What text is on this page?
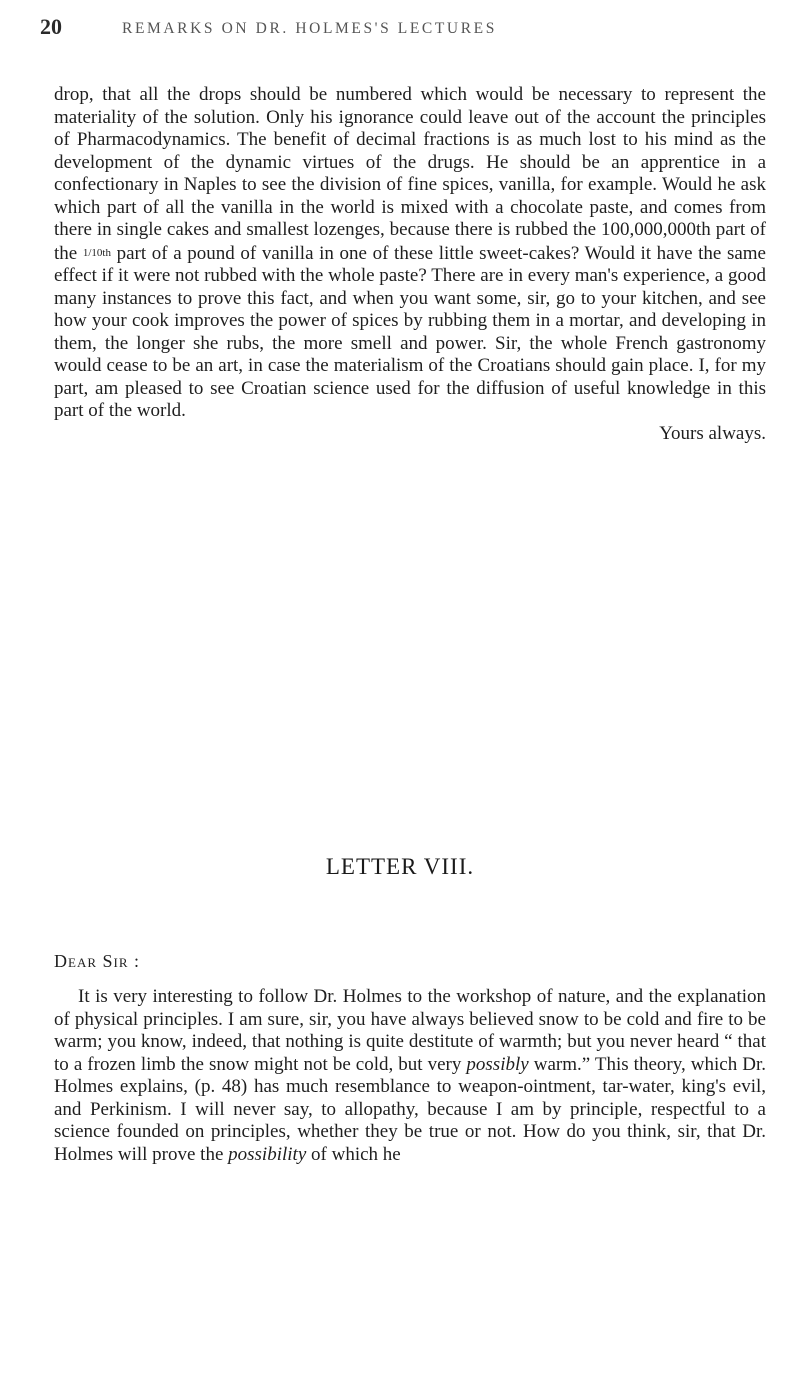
20	REMARKS ON DR. HOLMES'S LECTURES

drop, that all the drops should be numbered which would be necessary to represent the materiality of the solution. Only his ignorance could leave out of the account the principles of Pharmacodynamics. The benefit of decimal fractions is as much lost to his mind as the development of the dynamic virtues of the drugs. He should be an apprentice in a confectionary in Naples to see the division of fine spices, vanilla, for example. Would he ask which part of all the vanilla in the world is mixed with a chocolate paste, and comes from there in single cakes and smallest lozenges, because there is rubbed the 100,000,000th part of the 1/10th part of a pound of vanilla in one of these little sweet-cakes? Would it have the same effect if it were not rubbed with the whole paste? There are in every man's experience, a good many instances to prove this fact, and when you want some, sir, go to your kitchen, and see how your cook improves the power of spices by rubbing them in a mortar, and developing in them, the longer she rubs, the more smell and power. Sir, the whole French gastronomy would cease to be an art, in case the materialism of the Croatians should gain place. I, for my part, am pleased to see Croatian science used for the diffusion of useful knowledge in this part of the world.
Yours always.

LETTER VIII.
Dear Sir :

It is very interesting to follow Dr. Holmes to the workshop of nature, and the explanation of physical principles. I am sure, sir, you have always believed snow to be cold and fire to be warm; you know, indeed, that nothing is quite destitute of warmth; but you never heard “ that to a frozen limb the snow might not be cold, but very possibly warm.” This theory, which Dr. Holmes explains, (p. 48) has much resemblance to weapon-ointment, tar-water, king's evil, and Perkinism. I will never say, to allopathy, because I am by principle, respectful to a science founded on principles, whether they be true or not. How do you think, sir, that Dr. Holmes will prove the possibility of which he
